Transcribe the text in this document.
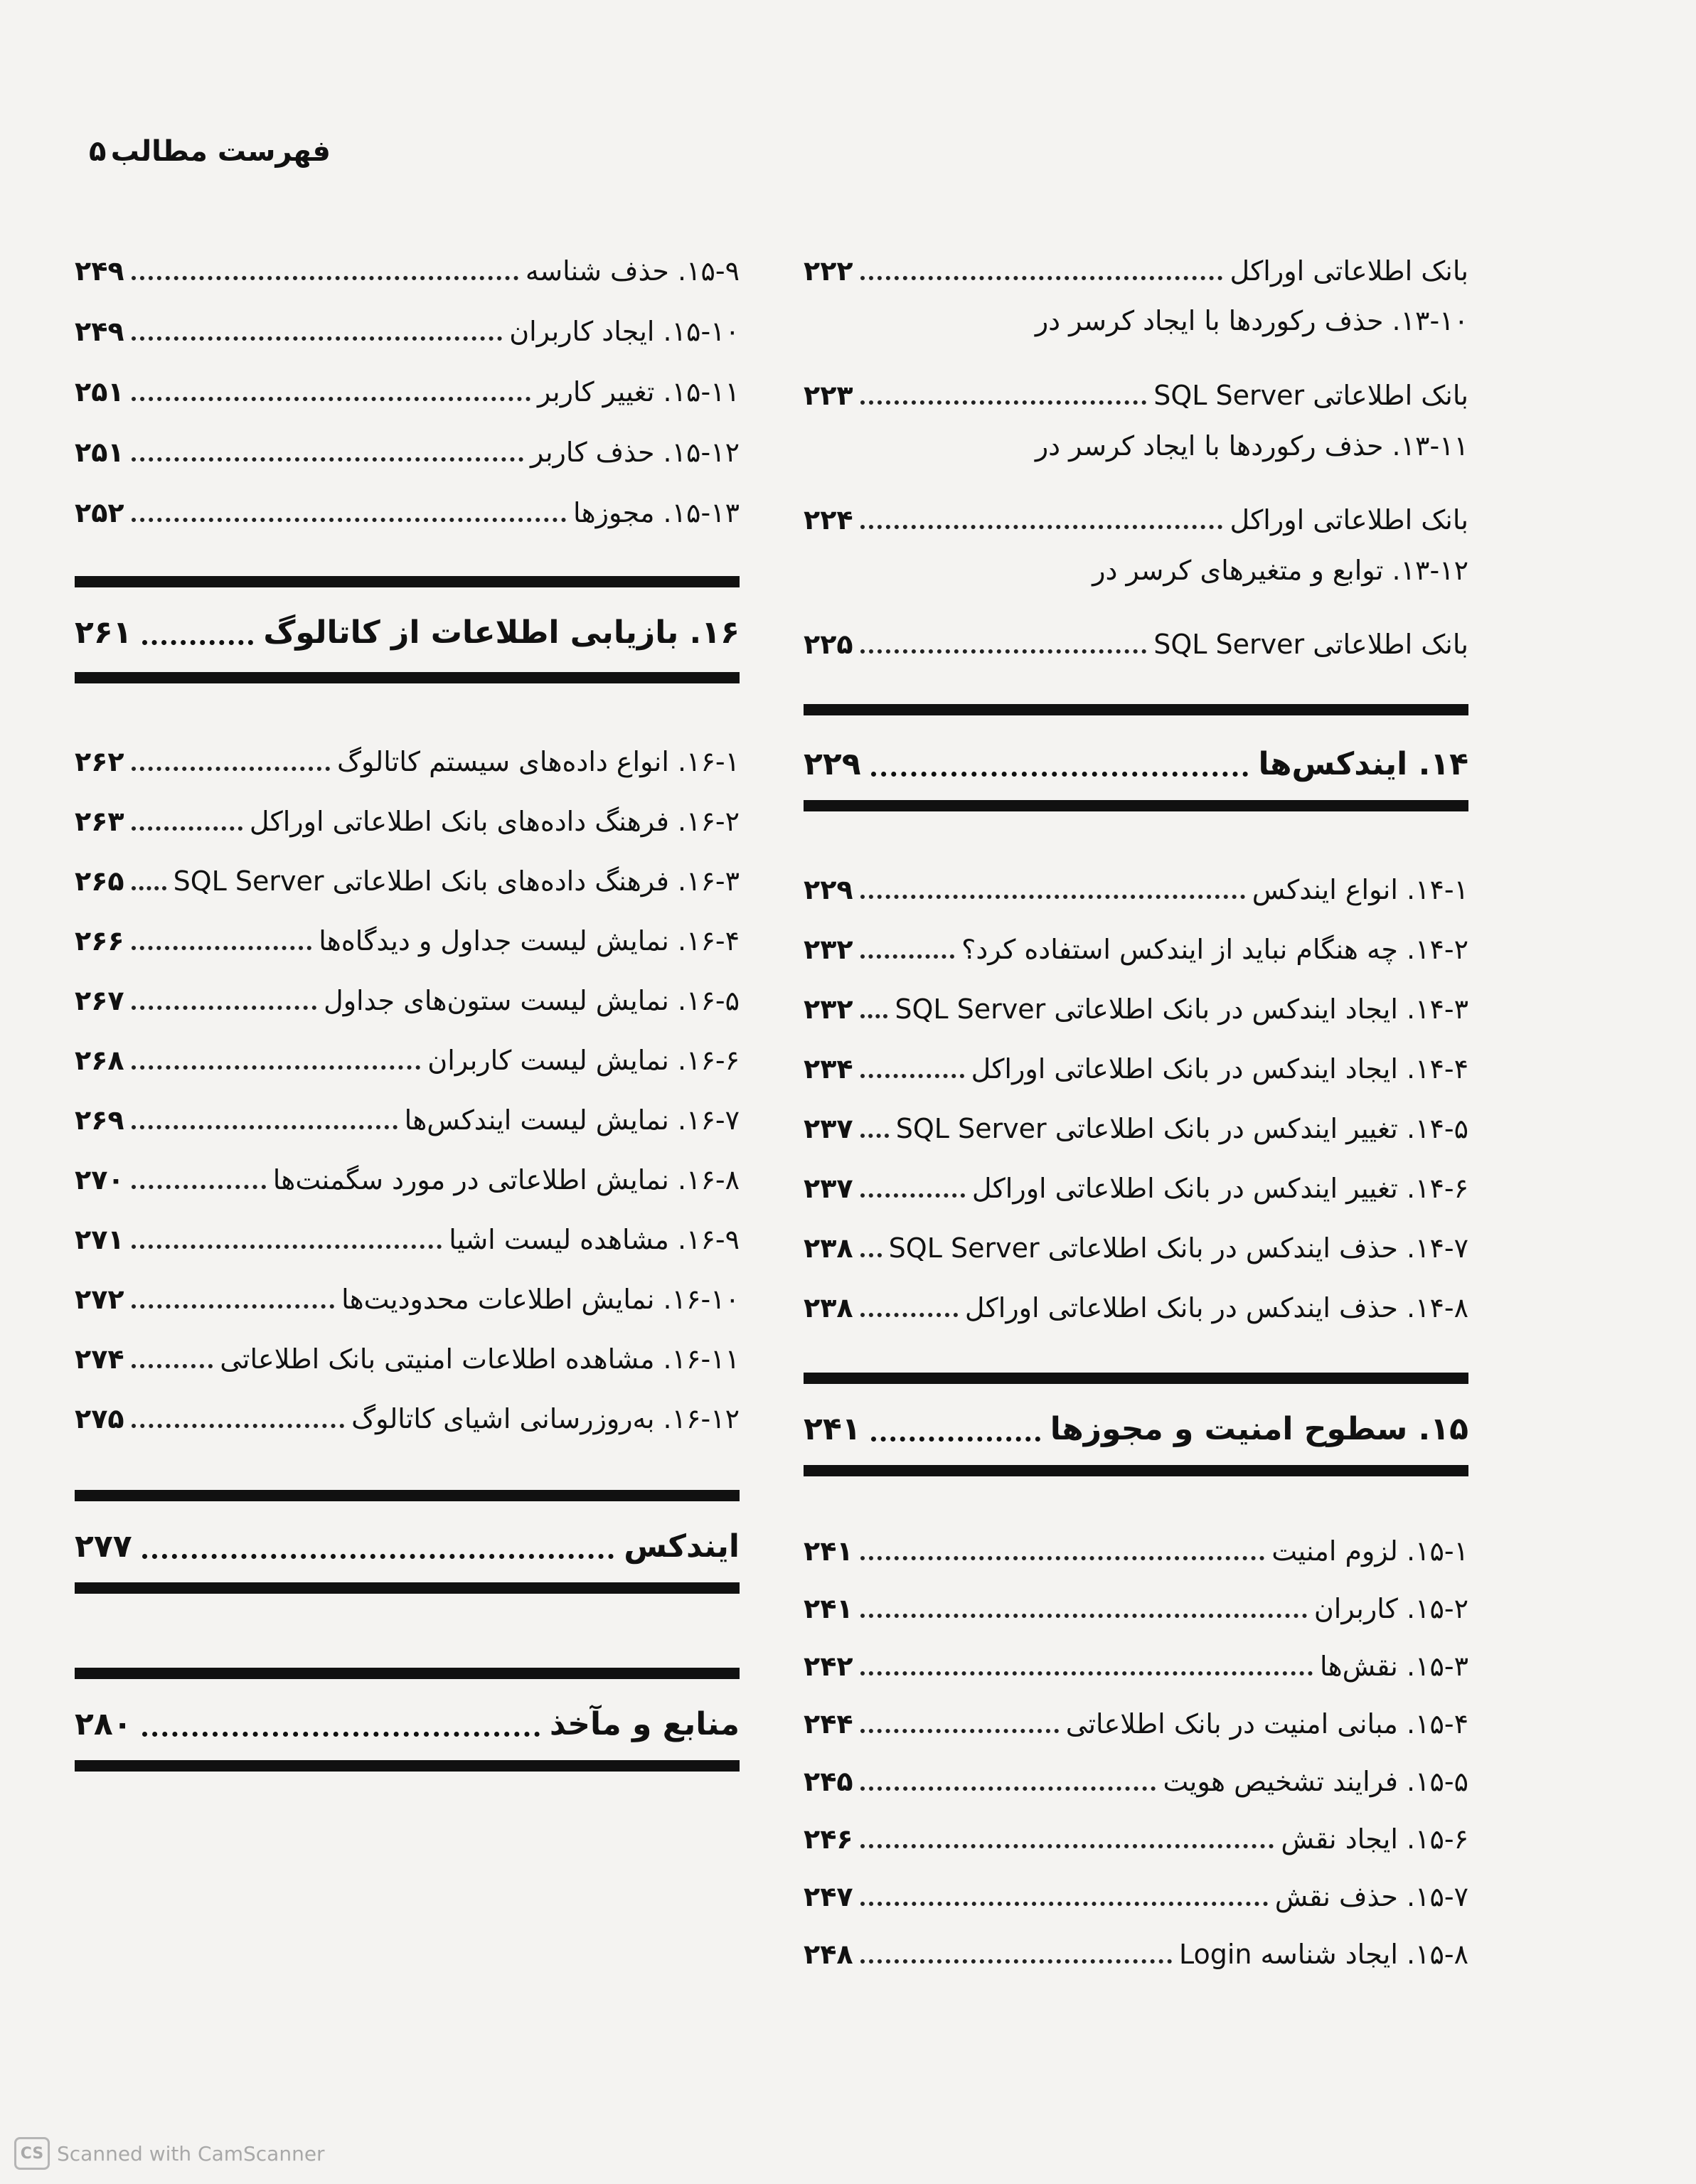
۵ فهرست مطالب
بانک اطلاعاتی اوراکل
۲۲۲
۱۳-۱۰. حذف رکوردها با ایجاد کرسر در
بانک اطلاعاتی SQL Server
۲۲۳
۱۳-۱۱. حذف رکوردها با ایجاد کرسر در
بانک اطلاعاتی اوراکل
۲۲۴
۱۳-۱۲. توابع و متغیرهای کرسر در
بانک اطلاعاتی SQL Server
۲۲۵
۱۴. ایندکس‌ها
۲۲۹
۱۴-۱. انواع ایندکس
۲۲۹
۱۴-۲. چه هنگام نباید از ایندکس استفاده کرد؟
۲۳۲
۱۴-۳. ایجاد ایندکس در بانک اطلاعاتی SQL Server
۲۳۲
۱۴-۴. ایجاد ایندکس در بانک اطلاعاتی اوراکل
۲۳۴
۱۴-۵. تغییر ایندکس در بانک اطلاعاتی SQL Server
۲۳۷
۱۴-۶. تغییر ایندکس در بانک اطلاعاتی اوراکل
۲۳۷
۱۴-۷. حذف ایندکس در بانک اطلاعاتی SQL Server
۲۳۸
۱۴-۸. حذف ایندکس در بانک اطلاعاتی اوراکل
۲۳۸
۱۵. سطوح امنیت و مجوزها
۲۴۱
۱۵-۱. لزوم امنیت
۲۴۱
۱۵-۲. کاربران
۲۴۱
۱۵-۳. نقش‌ها
۲۴۲
۱۵-۴. مبانی امنیت در بانک اطلاعاتی
۲۴۴
۱۵-۵. فرایند تشخیص هویت
۲۴۵
۱۵-۶. ایجاد نقش
۲۴۶
۱۵-۷. حذف نقش
۲۴۷
۱۵-۸. ایجاد شناسه Login
۲۴۸
۱۵-۹. حذف شناسه
۲۴۹
۱۵-۱۰. ایجاد کاربران
۲۴۹
۱۵-۱۱. تغییر کاربر
۲۵۱
۱۵-۱۲. حذف کاربر
۲۵۱
۱۵-۱۳. مجوزها
۲۵۲
۱۶. بازیابی اطلاعات از کاتالوگ
۲۶۱
۱۶-۱. انواع داده‌های سیستم کاتالوگ
۲۶۲
۱۶-۲. فرهنگ داده‌های بانک اطلاعاتی اوراکل
۲۶۳
۱۶-۳. فرهنگ داده‌های بانک اطلاعاتی SQL Server
۲۶۵
۱۶-۴. نمایش لیست جداول و دیدگاه‌ها
۲۶۶
۱۶-۵. نمایش لیست ستون‌های جداول
۲۶۷
۱۶-۶. نمایش لیست کاربران
۲۶۸
۱۶-۷. نمایش لیست ایندکس‌ها
۲۶۹
۱۶-۸. نمایش اطلاعاتی در مورد سگمنت‌ها
۲۷۰
۱۶-۹. مشاهده لیست اشیا
۲۷۱
۱۶-۱۰. نمایش اطلاعات محدودیت‌ها
۲۷۲
۱۶-۱۱. مشاهده اطلاعات امنیتی بانک اطلاعاتی
۲۷۴
۱۶-۱۲. به‌روزرسانی اشیای کاتالوگ
۲۷۵
ایندکس
۲۷۷
منابع و مآخذ
۲۸۰
CS Scanned with CamScanner
